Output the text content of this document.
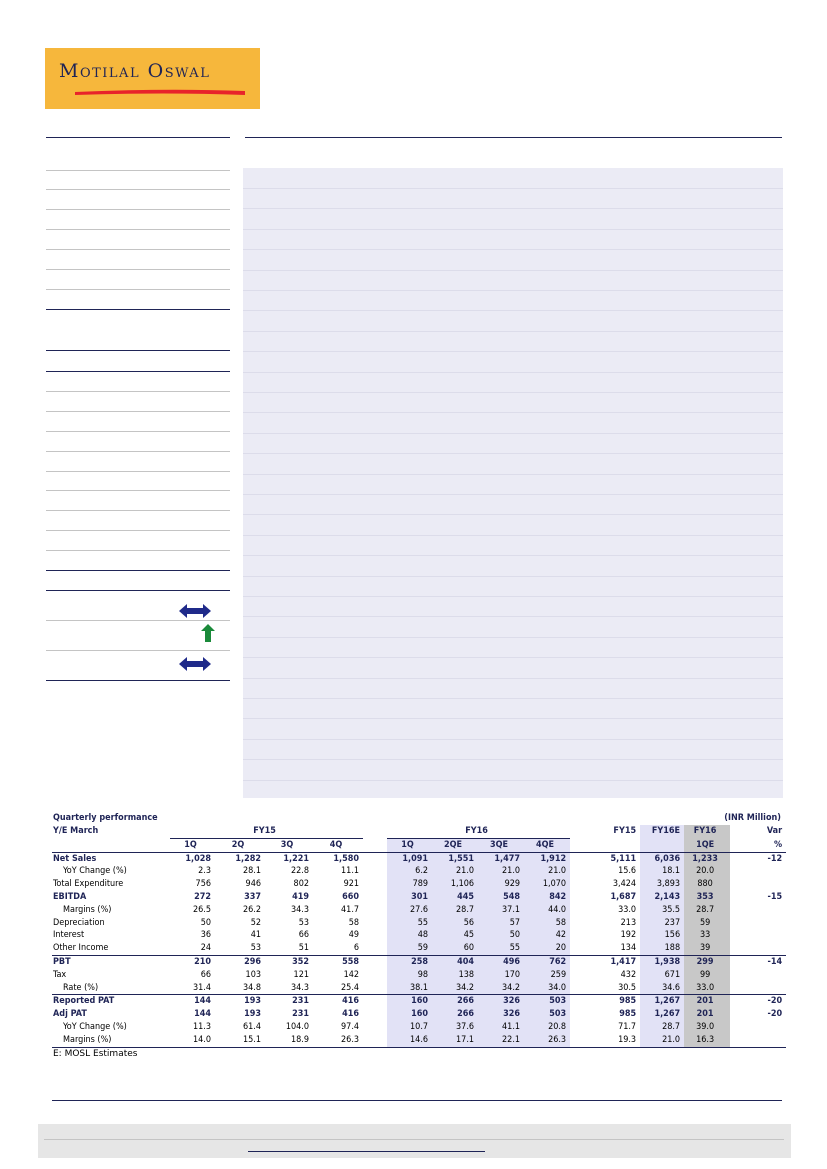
Motilal Oswal
Quarterly performance	(INR Million)
Y/E March	FY15					FY16					FY15	FY16E	FY16	Var
	1Q	2Q	3Q	4Q		1Q	2QE	3QE	4QE				1QE	%
Net Sales	1,028	1,282	1,221	1,580		1,091	1,551	1,477	1,912		5,111	6,036	1,233	-12
YoY Change (%)	2.3	28.1	22.8	11.1		6.2	21.0	21.0	21.0		15.6	18.1	20.0	
Total Expenditure	756	946	802	921		789	1,106	929	1,070		3,424	3,893	880	
EBITDA	272	337	419	660		301	445	548	842		1,687	2,143	353	-15
Margins (%)	26.5	26.2	34.3	41.7		27.6	28.7	37.1	44.0		33.0	35.5	28.7	
Depreciation	50	52	53	58		55	56	57	58		213	237	59	
Interest	36	41	66	49		48	45	50	42		192	156	33	
Other Income	24	53	51	6		59	60	55	20		134	188	39	
PBT	210	296	352	558		258	404	496	762		1,417	1,938	299	-14
Tax	66	103	121	142		98	138	170	259		432	671	99	
Rate (%)	31.4	34.8	34.3	25.4		38.1	34.2	34.2	34.0		30.5	34.6	33.0	
Reported PAT	144	193	231	416		160	266	326	503		985	1,267	201	-20
Adj PAT	144	193	231	416		160	266	326	503		985	1,267	201	-20
YoY Change (%)	11.3	61.4	104.0	97.4		10.7	37.6	41.1	20.8		71.7	28.7	39.0	
Margins (%)	14.0	15.1	18.9	26.3		14.6	17.1	22.1	26.3		19.3	21.0	16.3	
E: MOSL Estimates
